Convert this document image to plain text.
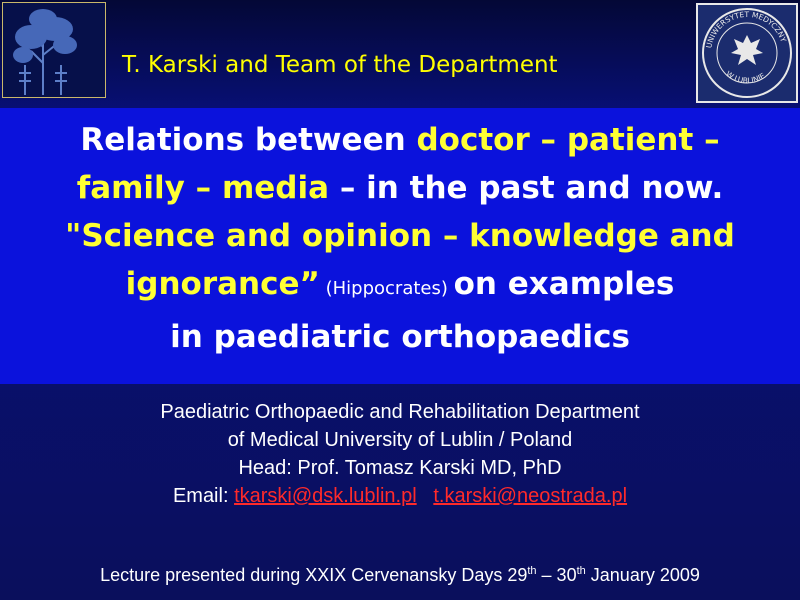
UNIWERSYTET MEDYCZNY
W LUBLINIE
T. Karski and Team of the Department
Relations between doctor – patient –
family – media – in the past and now.
"Science and opinion – knowledge and
ignorance” (Hippocrates) on examples
in paediatric orthopaedics
Paediatric Orthopaedic and Rehabilitation Department
of Medical University of Lublin / Poland
Head: Prof. Tomasz Karski MD, PhD
Email: tkarski@dsk.lublin.pl t.karski@neostrada.pl
Lecture presented during XXIX Cervenansky Days 29th – 30th January 2009
